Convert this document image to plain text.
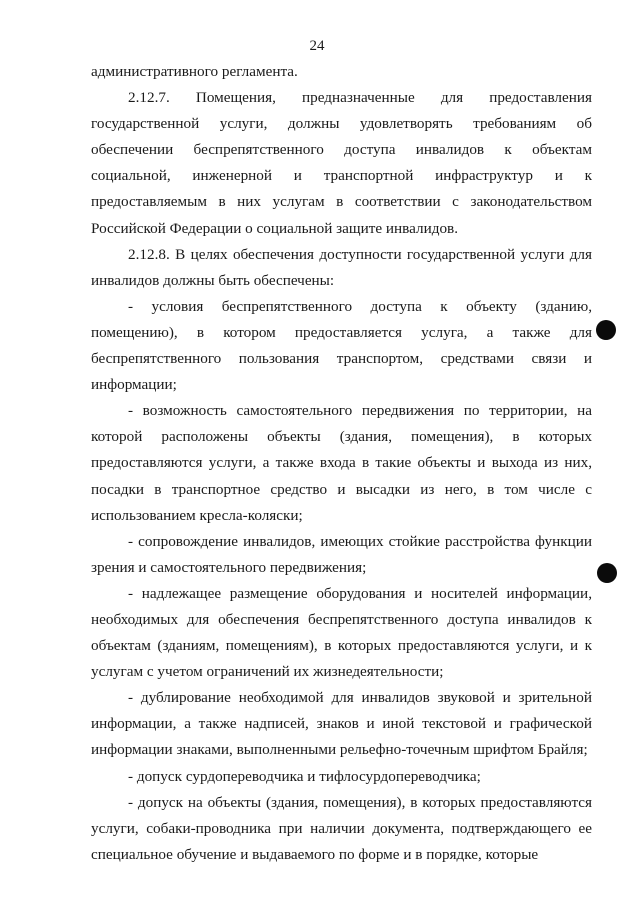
24

административного регламента.

2.12.7. Помещения, предназначенные для предоставления государственной услуги, должны удовлетворять требованиям об обеспечении беспрепятственного доступа инвалидов к объектам социальной, инженерной и транспортной инфраструктур и к предоставляемым в них услугам в соответствии с законодательством Российской Федерации о социальной защите инвалидов.

2.12.8. В целях обеспечения доступности государственной услуги для инвалидов должны быть обеспечены:

- условия беспрепятственного доступа к объекту (зданию, помещению), в котором предоставляется услуга, а также для беспрепятственного пользования транспортом, средствами связи и информации;

- возможность самостоятельного передвижения по территории, на которой расположены объекты (здания, помещения), в которых предоставляются услуги, а также входа в такие объекты и выхода из них, посадки в транспортное средство и высадки из него, в том числе с использованием кресла-коляски;

- сопровождение инвалидов, имеющих стойкие расстройства функции зрения и самостоятельного передвижения;

- надлежащее размещение оборудования и носителей информации, необходимых для обеспечения беспрепятственного доступа инвалидов к объектам (зданиям, помещениям), в которых предоставляются услуги, и к услугам с учетом ограничений их жизнедеятельности;

- дублирование необходимой для инвалидов звуковой и зрительной информации, а также надписей, знаков и иной текстовой и графической информации знаками, выполненными рельефно-точечным шрифтом Брайля;

- допуск сурдопереводчика и тифлосурдопереводчика;

- допуск на объекты (здания, помещения), в которых предоставляются услуги, собаки-проводника при наличии документа, подтверждающего ее специальное обучение и выдаваемого по форме и в порядке, которые
